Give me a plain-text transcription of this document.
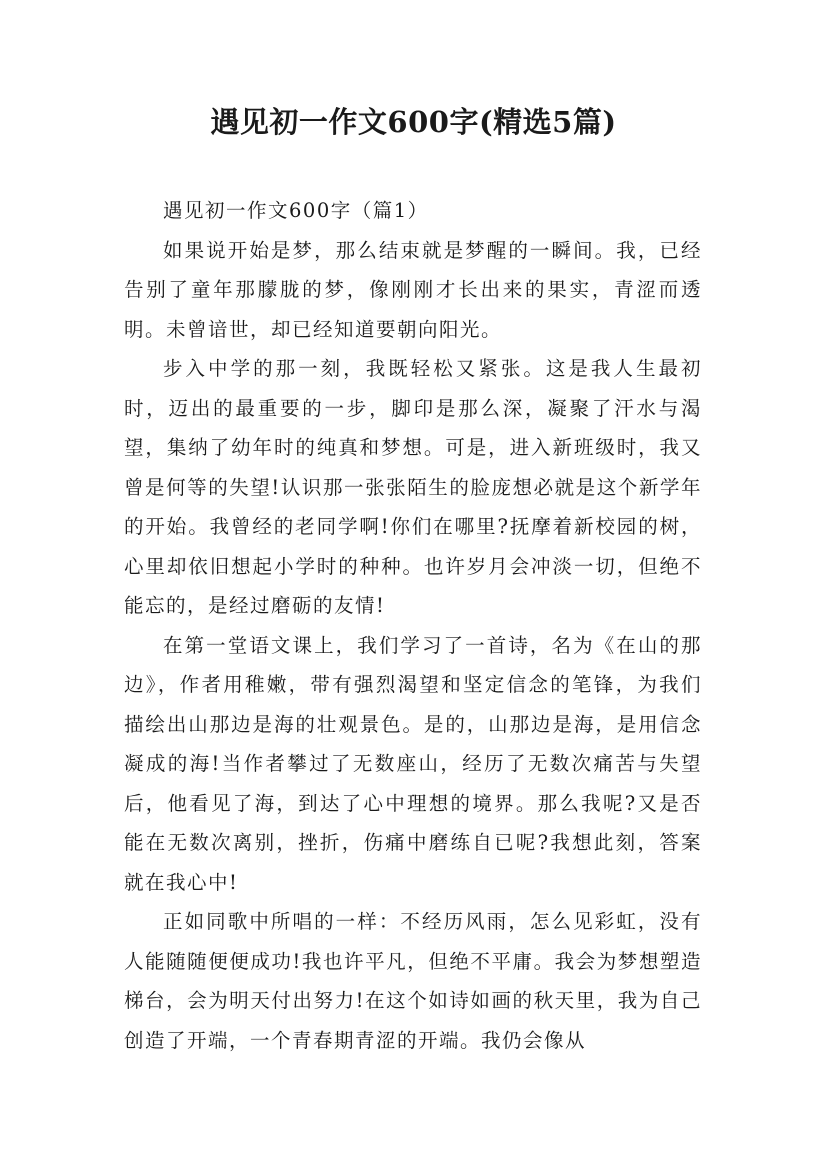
遇见初一作文600字(精选5篇)

遇见初一作文600字（篇1）

如果说开始是梦，那么结束就是梦醒的一瞬间。我，已经告别了童年那朦胧的梦，像刚刚才长出来的果实，青涩而透明。未曾谙世，却已经知道要朝向阳光。

步入中学的那一刻，我既轻松又紧张。这是我人生最初时，迈出的最重要的一步，脚印是那么深，凝聚了汗水与渴望，集纳了幼年时的纯真和梦想。可是，进入新班级时，我又曾是何等的失望!认识那一张张陌生的脸庞想必就是这个新学年的开始。我曾经的老同学啊!你们在哪里?抚摩着新校园的树，心里却依旧想起小学时的种种。也许岁月会冲淡一切，但绝不能忘的，是经过磨砺的友情!

在第一堂语文课上，我们学习了一首诗，名为《在山的那边》，作者用稚嫩，带有强烈渴望和坚定信念的笔锋，为我们描绘出山那边是海的壮观景色。是的，山那边是海，是用信念凝成的海!当作者攀过了无数座山，经历了无数次痛苦与失望后，他看见了海，到达了心中理想的境界。那么我呢?又是否能在无数次离别，挫折，伤痛中磨练自已呢?我想此刻，答案就在我心中!

正如同歌中所唱的一样：不经历风雨，怎么见彩虹，没有人能随随便便成功!我也许平凡，但绝不平庸。我会为梦想塑造梯台，会为明天付出努力!在这个如诗如画的秋天里，我为自己创造了开端，一个青春期青涩的开端。我仍会像从
